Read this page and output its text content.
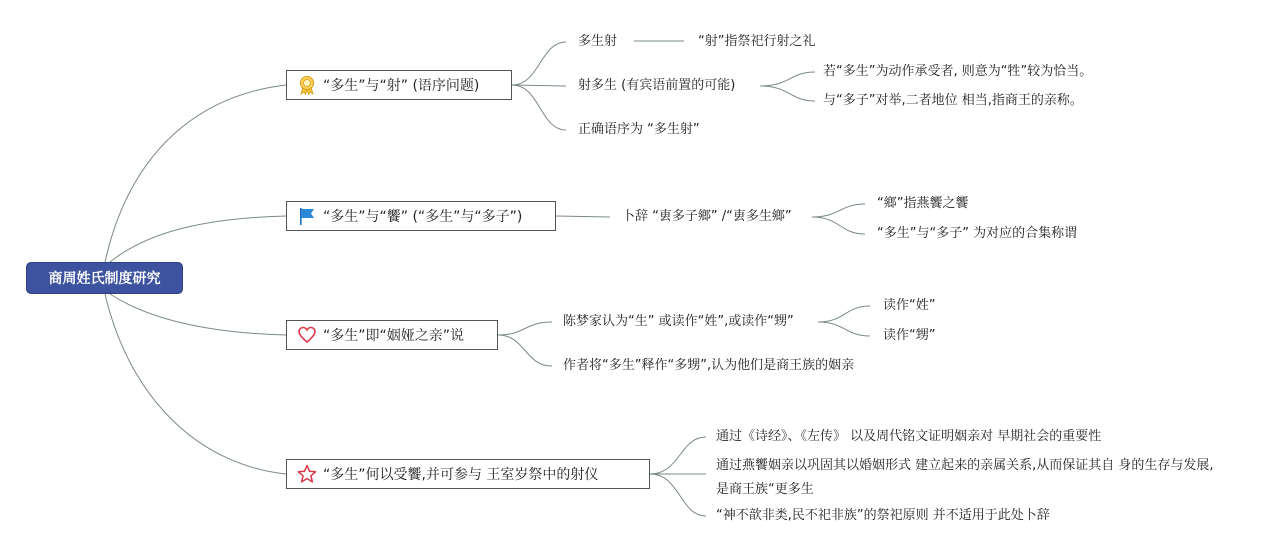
商周姓氏制度研究
“多生”与“射” (语序问题)
多生射	“射”指祭祀行射之礼
射多生 (有宾语前置的可能)
若“多生”为动作承受者, 则意为“牲”较为恰当。
与“多子”对举,二者地位 相当,指商王的亲称。
正确语序为 “多生射”
“多生”与“饗” (“多生”与“多子”)	卜辞 “叀多子鄉” /“叀多生鄉”
“鄉”指燕饗之饗
“多生”与“多子” 为对应的合集称谓
“多生”即“姻娅之亲”说
陈梦家认为“生” 或读作“姓”,或读作“甥”
读作“姓”
读作“甥”
作者将“多生”释作“多甥”,认为他们是商王族的姻亲
“多生”何以受饗,并可参与 王室岁祭中的射仪
通过《诗经》、《左传》 以及周代铭文证明姻亲对 早期社会的重要性
通过燕饗姻亲以巩固其以婚姻形式 建立起来的亲属关系,从而保证其自 身的生存与发展, 是商王族“更多生
“神不歆非类,民不祀非族”的祭祀原则 并不适用于此处卜辞
